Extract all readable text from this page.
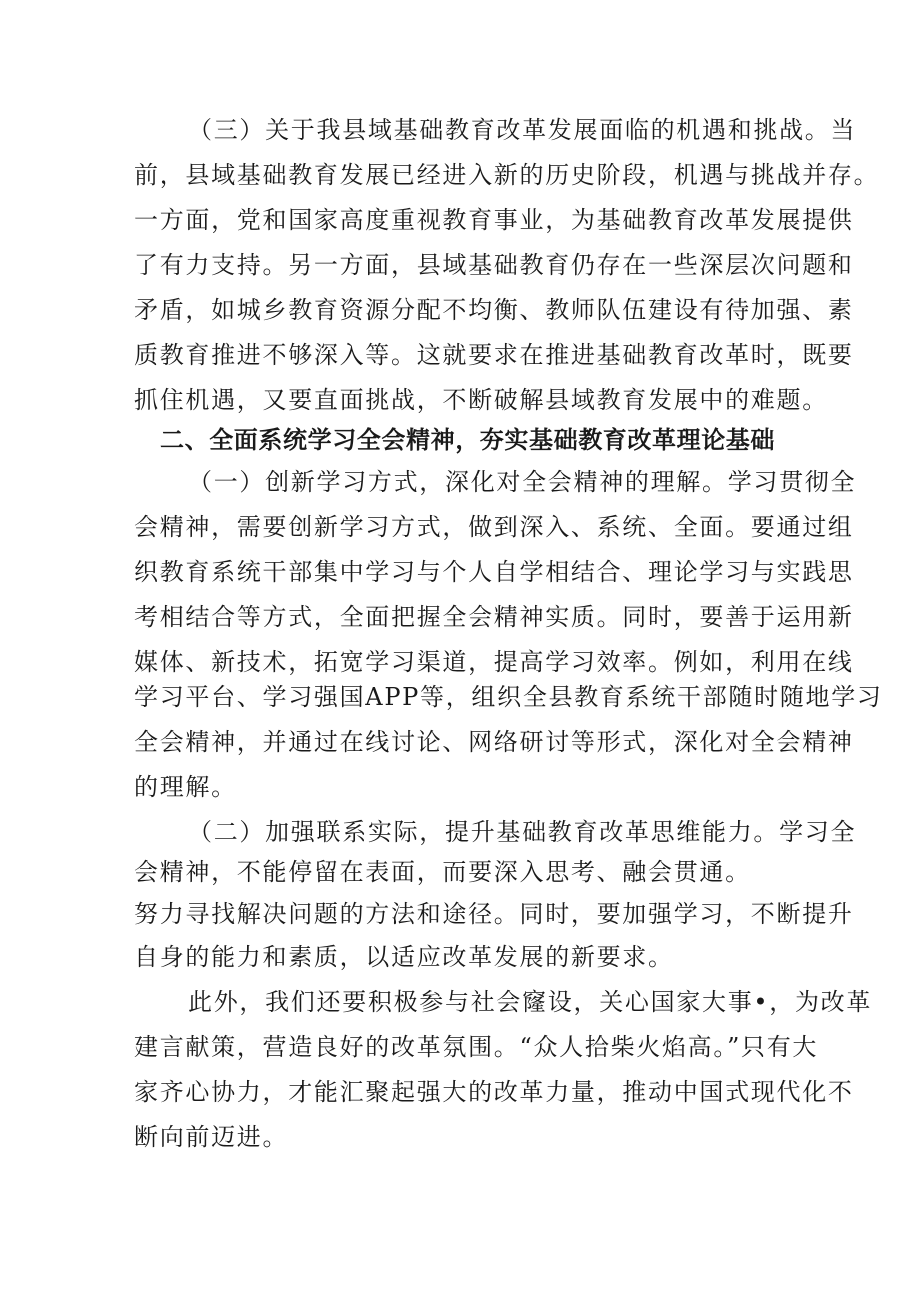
（三）关于我县域基础教育改革发展面临的机遇和挑战。当
前，县域基础教育发展已经进入新的历史阶段，机遇与挑战并存。
一方面，党和国家高度重视教育事业，为基础教育改革发展提供
了有力支持。另一方面，县域基础教育仍存在一些深层次问题和
矛盾，如城乡教育资源分配不均衡、教师队伍建设有待加强、素
质教育推进不够深入等。这就要求在推进基础教育改革时，既要
抓住机遇，又要直面挑战，不断破解县域教育发展中的难题。
二、全面系统学习全会精神，夯实基础教育改革理论基础
（一）创新学习方式，深化对全会精神的理解。学习贯彻全
会精神，需要创新学习方式，做到深入、系统、全面。要通过组
织教育系统干部集中学习与个人自学相结合、理论学习与实践思
考相结合等方式，全面把握全会精神实质。同时，要善于运用新
媒体、新技术，拓宽学习渠道，提高学习效率。例如，利用在线
学习平台、学习强国APP等，组织全县教育系统干部随时随地学习
全会精神，并通过在线讨论、网络研讨等形式，深化对全会精神
的理解。
（二）加强联系实际，提升基础教育改革思维能力。学习全
会精神，不能停留在表面，而要深入思考、融会贯通。
努力寻找解决问题的方法和途径。同时，要加强学习，不断提升
自身的能力和素质，以适应改革发展的新要求。
此外，我们还要积极参与社会窿设，关心国家大事•，为改革
建言献策，营造良好的改革氛围。“众人拾柴火焰高。”只有大
家齐心协力，才能汇聚起强大的改革力量，推动中国式现代化不
断向前迈进。
